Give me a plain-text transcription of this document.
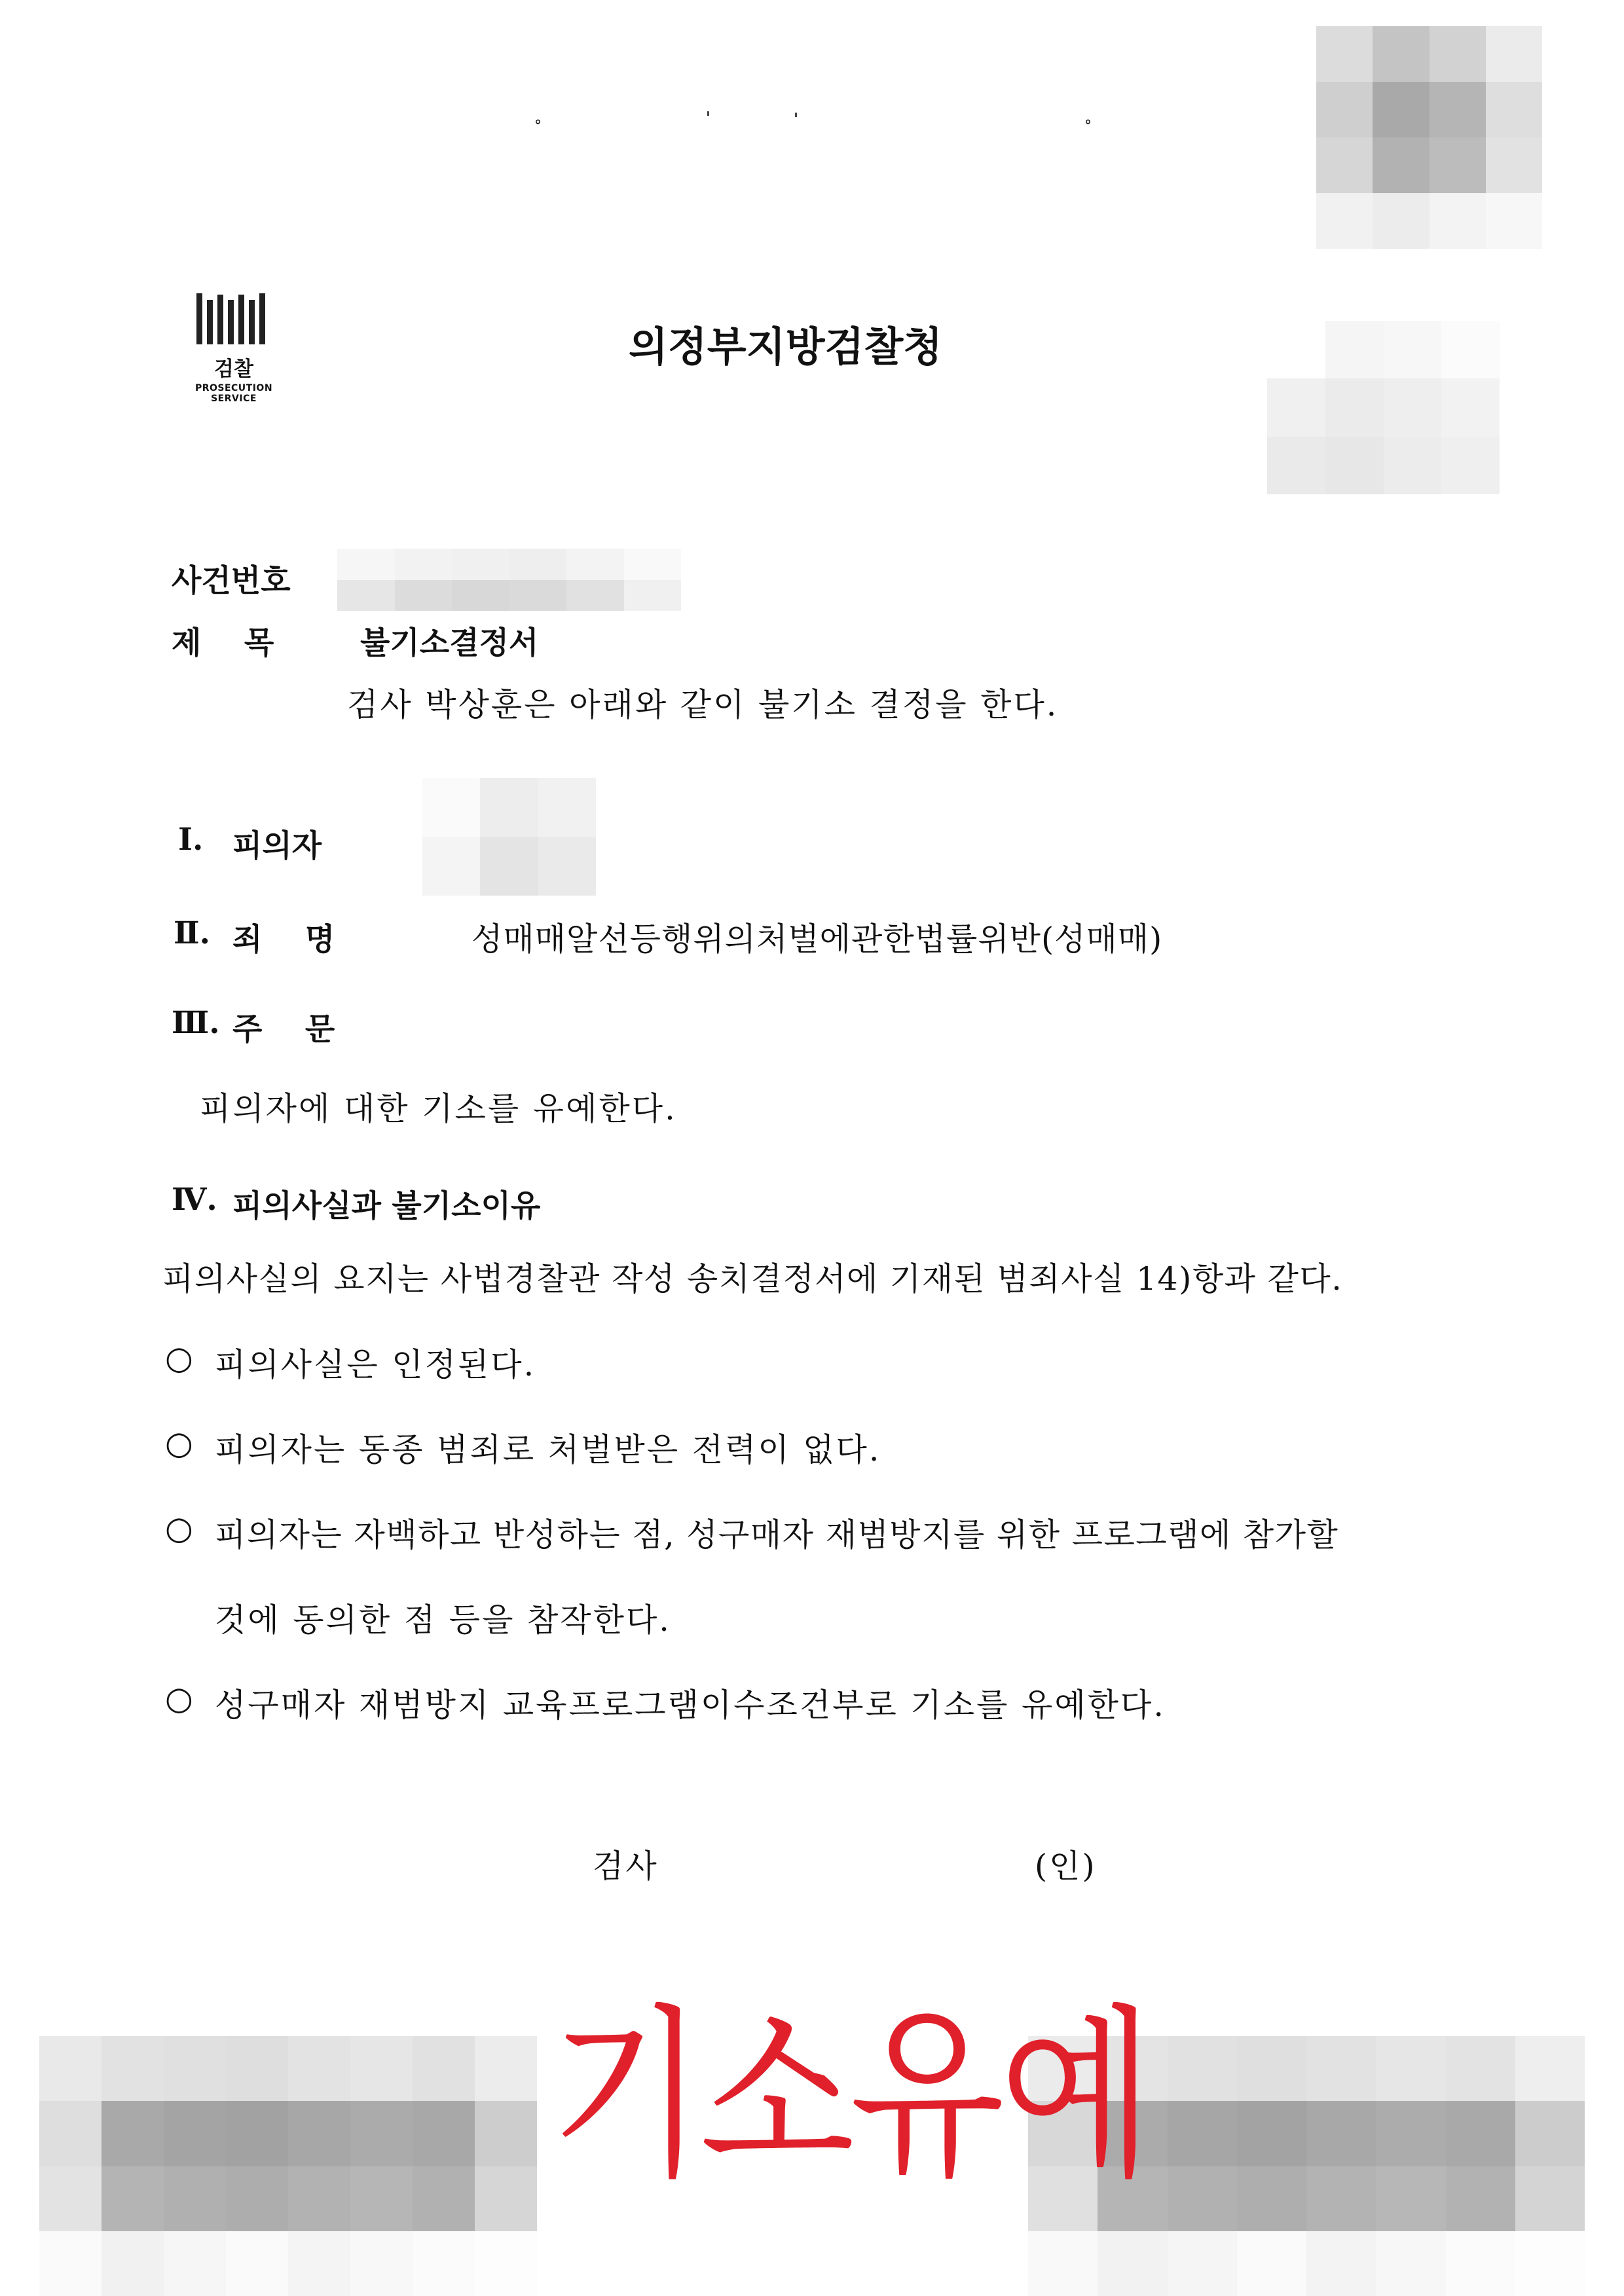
°	°
검찰
PROSECUTION SERVICE
의정부지방검찰청
사건번호
제    목	불기소결정서
검사 박상훈은 아래와 같이 불기소 결정을 한다.
Ⅰ. 피의자
Ⅱ. 죄    명	성매매알선등행위의처벌에관한법률위반(성매매)
Ⅲ. 주    문
피의자에 대한 기소를 유예한다.
Ⅳ. 피의사실과 불기소이유
피의사실의 요지는 사법경찰관 작성 송치결정서에 기재된 범죄사실 14)항과 같다.
○ 피의사실은 인정된다.
○ 피의자는 동종 범죄로 처벌받은 전력이 없다.
○ 피의자는 자백하고 반성하는 점, 성구매자 재범방지를 위한 프로그램에 참가할
것에 동의한 점 등을 참작한다.
○ 성구매자 재범방지 교육프로그램이수조건부로 기소를 유예한다.
검사	(인)
기소유예
